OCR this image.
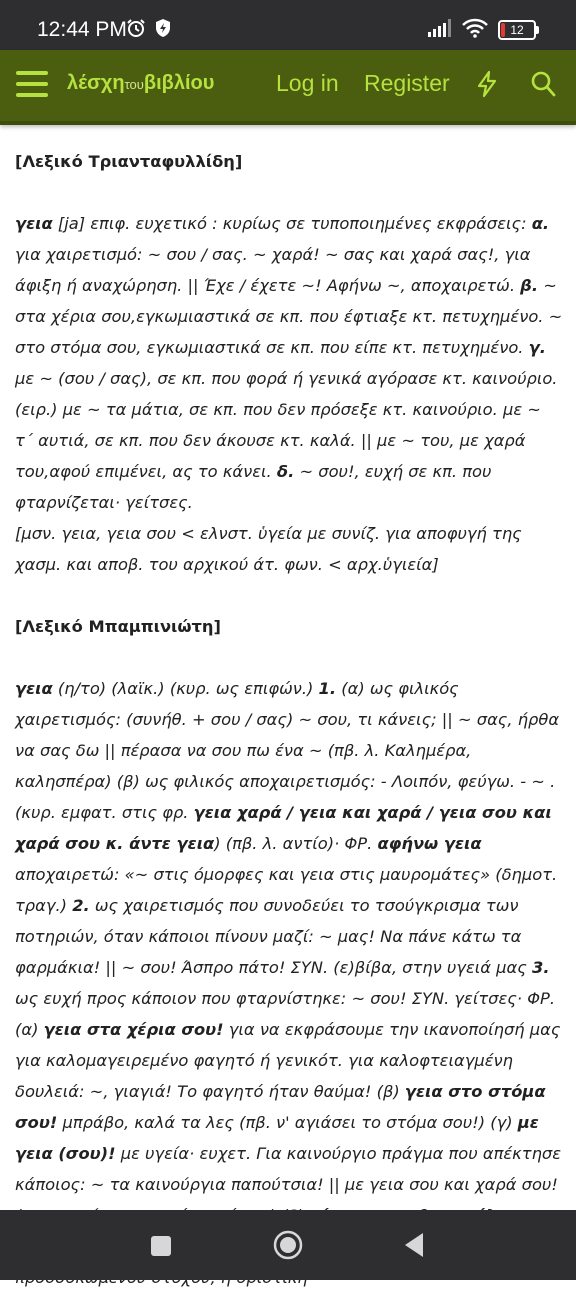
12:44 PM	12
λέσχητουβιβλίου	Log in Register

[Λεξικό Τριανταφυλλίδη]

γεια [ja] επιφ. ευχετικό : κυρίως σε τυποποιημένες εκφράσεις: α. για χαιρετισμό: ~ σου / σας. ~ χαρά! ~ σας και χαρά σας!, για άφιξη ή αναχώρηση. || Έχε / έχετε ~! Αφήνω ~, αποχαιρετώ. β. ~ στα χέρια σου,εγκωμιαστικά σε κπ. που έφτιαξε κτ. πετυχημένο. ~ στο στόμα σου, εγκωμιαστικά σε κπ. που είπε κτ. πετυχημένο. γ. με ~ (σου / σας), σε κπ. που φορά ή γενικά αγόρασε κτ. καινούριο. (ειρ.) με ~ τα μάτια, σε κπ. που δεν πρόσεξε κτ. καινούριο. με ~ τ΄ αυτιά, σε κπ. που δεν άκουσε κτ. καλά. || με ~ του, με χαρά του,αφού επιμένει, ας το κάνει. δ. ~ σου!, ευχή σε κπ. που φταρνίζεται· γείτσες.

[μσν. γεια, γεια σου < ελνστ. ὑγεία με συνίζ. για αποφυγή της χασμ. και αποβ. του αρχικού άτ. φων. < αρχ.ὑγιεία]

[Λεξικό Μπαμπινιώτη]

γεια (η/το) (λαϊκ.) (κυρ. ως επιφών.) 1. (α) ως φιλικός χαιρετισμός: (συνήθ. + σου / σας) ~ σου, τι κάνεις; || ~ σας, ήρθα να σας δω || πέρασα να σου πω ένα ~ (πβ. λ. Καλημέρα, καλησπέρα) (β) ως φιλικός αποχαιρετισμός: - Λοιπόν, φεύγω. - ~ . (κυρ. εμφατ. στις φρ. γεια χαρά / γεια και χαρά / γεια σου και χαρά σου κ. άντε γεια) (πβ. λ. αντίο)· ΦΡ. αφήνω γεια αποχαιρετώ: «~ στις όμορφες και γεια στις μαυρομάτες» (δημοτ. τραγ.) 2. ως χαιρετισμός που συνοδεύει το τσούγκρισμα των ποτηριών, όταν κάποιοι πίνουν μαζί: ~ μας! Να πάνε κάτω τα φαρμάκια! || ~ σου! Άσπρο πάτο! ΣΥΝ. (ε)βίβα, στην υγειά μας 3. ως ευχή προς κάποιον που φταρνίστηκε: ~ σου! ΣΥΝ. γείτσες· ΦΡ. (α) γεια στα χέρια σου! για να εκφράσουμε την ικανοποίησή μας για καλομαγειρεμένο φαγητό ή γενικότ. για καλοφτειαγμένη δουλειά: ~, γιαγιά! Το φαγητό ήταν θαύμα! (β) γεια στο στόμα σου! μπράβο, καλά τα λες (πβ. ν' αγιάσει το στόμα σου!) (γ) με γεια (σου)! με υγεία· ευχετ. Για καινούργιο πράγμα που απέκτησε κάποιος: ~ τα καινούργια παπούτσια! || με γεια σου και χαρά σου!
